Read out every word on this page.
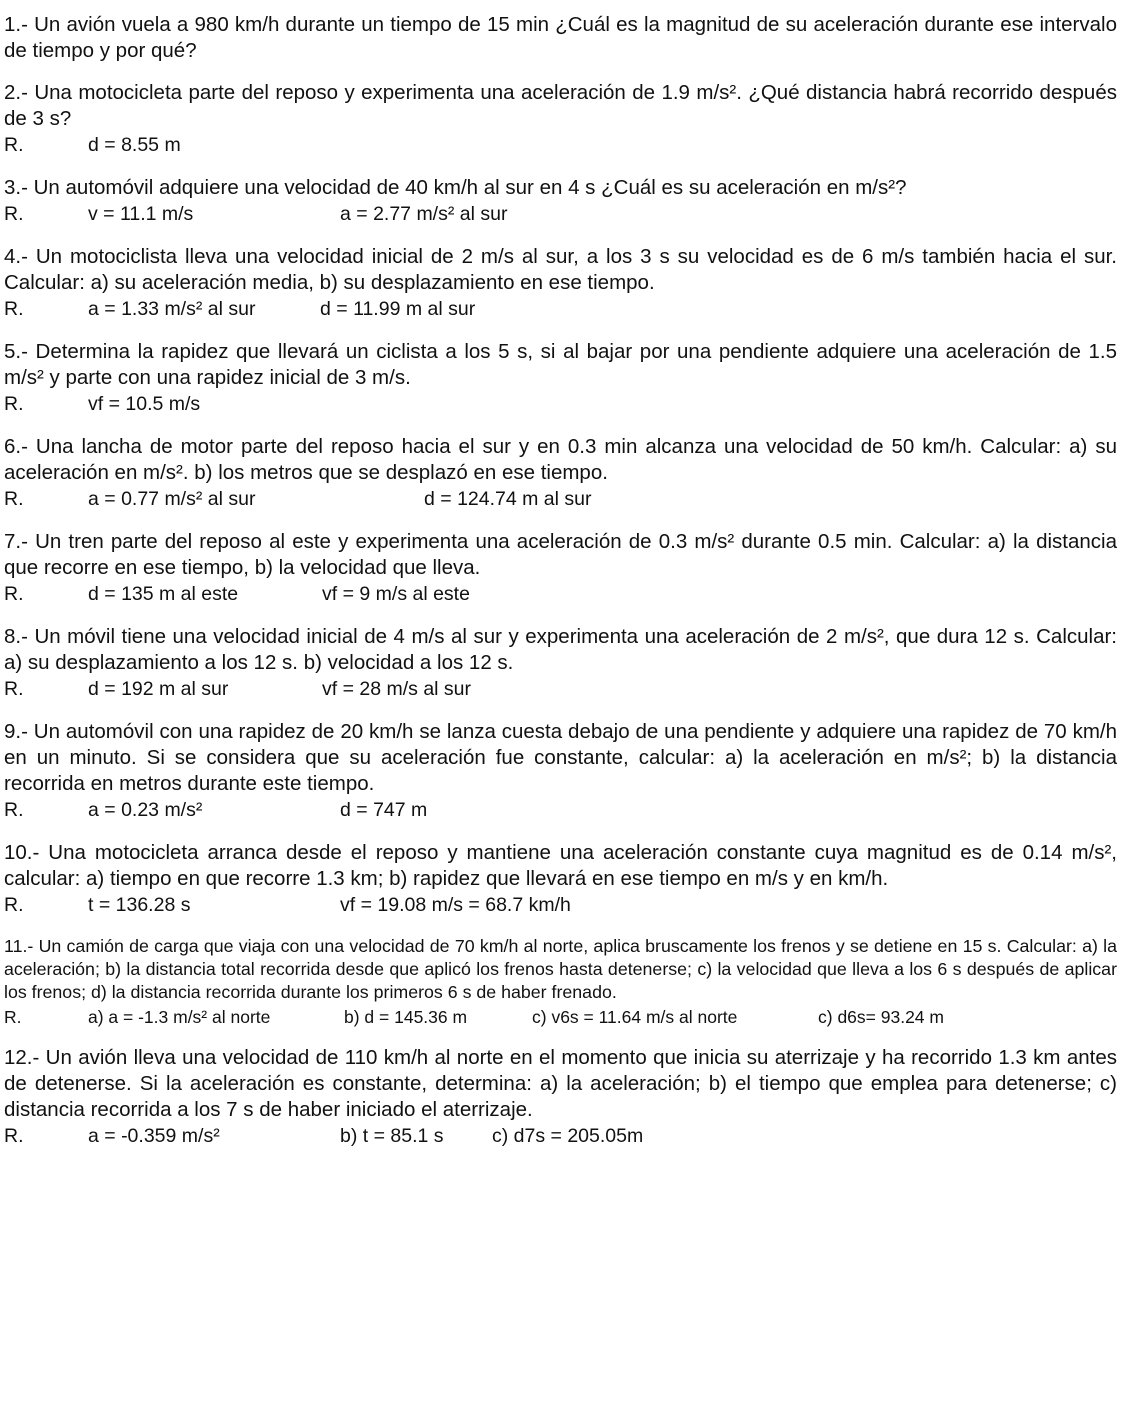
1.- Un avión vuela a 980 km/h durante un tiempo de 15 min ¿Cuál es la magnitud de su aceleración durante ese intervalo de tiempo y por qué?

2.- Una motocicleta parte del reposo y experimenta una aceleración de 1.9 m/s². ¿Qué distancia habrá recorrido después de 3 s?

R.	d = 8.55 m

3.- Un automóvil adquiere una velocidad de 40 km/h al sur en 4 s ¿Cuál es su aceleración en m/s²?

R.	v = 11.1 m/s	a = 2.77 m/s² al sur

4.- Un motociclista lleva una velocidad inicial de 2 m/s al sur, a los 3 s su velocidad es de 6 m/s también hacia el sur. Calcular: a) su aceleración media, b) su desplazamiento en ese tiempo.

R.	a = 1.33 m/s² al sur	d = 11.99 m al sur

5.- Determina la rapidez que llevará un ciclista a los 5 s, si al bajar por una pendiente adquiere una aceleración de 1.5 m/s² y parte con una rapidez inicial de 3 m/s.

R.	vf = 10.5 m/s

6.- Una lancha de motor parte del reposo hacia el sur y en 0.3 min alcanza una velocidad de 50 km/h. Calcular: a) su aceleración en m/s². b) los metros que se desplazó en ese tiempo.

R.	a = 0.77 m/s² al sur	d = 124.74 m al sur

7.- Un tren parte del reposo al este y experimenta una aceleración de 0.3 m/s² durante 0.5 min. Calcular: a) la distancia que recorre en ese tiempo, b) la velocidad que lleva.

R.	d = 135 m al este	vf = 9 m/s al este

8.- Un móvil tiene una velocidad inicial de 4 m/s al sur y experimenta una aceleración de 2 m/s², que dura 12 s. Calcular: a) su desplazamiento a los 12 s. b) velocidad a los 12 s.

R.	d = 192 m al sur	vf = 28 m/s al sur

9.- Un automóvil con una rapidez de 20 km/h se lanza cuesta debajo de una pendiente y adquiere una rapidez de 70 km/h en un minuto. Si se considera que su aceleración fue constante, calcular: a) la aceleración en m/s²; b) la distancia recorrida en metros durante este tiempo.

R.	a = 0.23 m/s²	d = 747 m

10.- Una motocicleta arranca desde el reposo y mantiene una aceleración constante cuya magnitud es de 0.14 m/s², calcular: a) tiempo en que recorre 1.3 km; b) rapidez que llevará en ese tiempo en m/s y en km/h.

R.	t = 136.28 s	vf = 19.08 m/s = 68.7 km/h

11.- Un camión de carga que viaja con una velocidad de 70 km/h al norte, aplica bruscamente los frenos y se detiene en 15 s. Calcular: a) la aceleración; b) la distancia total recorrida desde que aplicó los frenos hasta detenerse; c) la velocidad que lleva a los 6 s después de aplicar los frenos; d) la distancia recorrida durante los primeros 6 s de haber frenado.

R.	a) a = -1.3 m/s² al norte	b) d = 145.36 m	c) v6s = 11.64 m/s al norte	c) d6s= 93.24 m

12.- Un avión lleva una velocidad de 110 km/h al norte en el momento que inicia su aterrizaje y ha recorrido 1.3 km antes de detenerse. Si la aceleración es constante, determina: a) la aceleración; b) el tiempo que emplea para detenerse; c) distancia recorrida a los 7 s de haber iniciado el aterrizaje.

R.	a = -0.359 m/s²	b) t = 85.1 s c) d7s = 205.05m
